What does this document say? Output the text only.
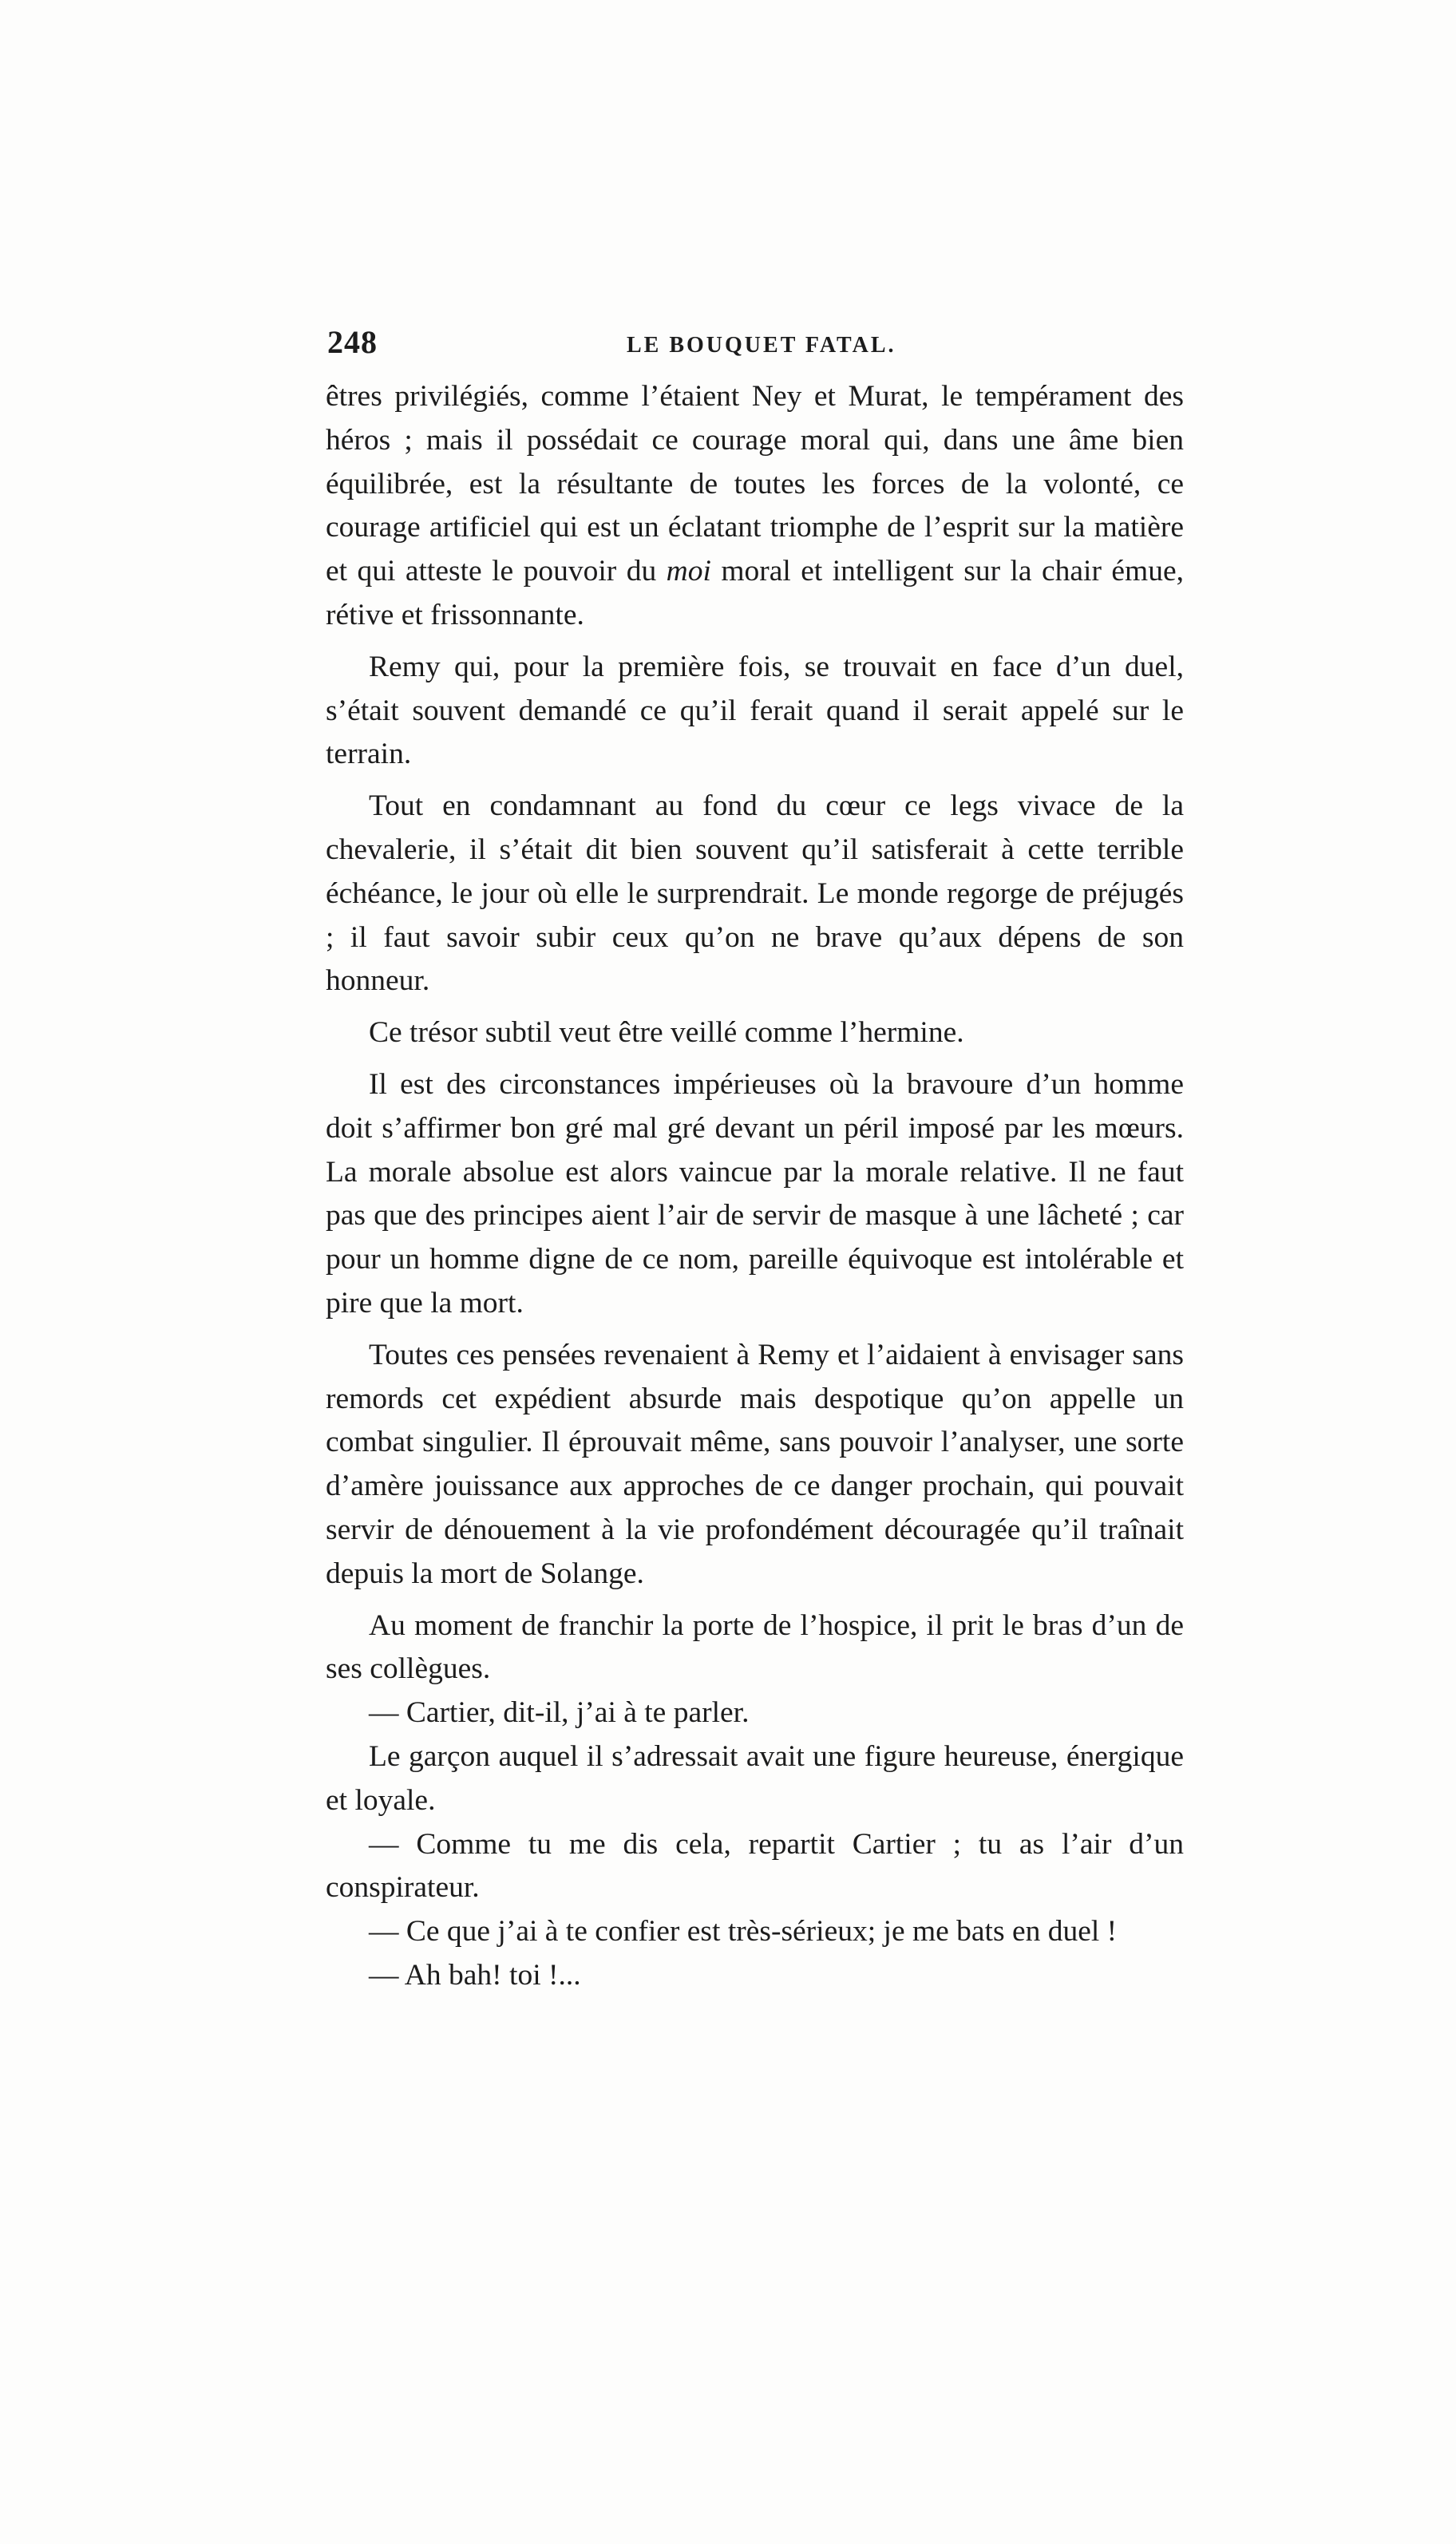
248	LE BOUQUET FATAL.

êtres privilégiés, comme l’étaient Ney et Murat, le tempérament des héros ; mais il possédait ce courage moral qui, dans une âme bien équilibrée, est la résultante de toutes les forces de la volonté, ce courage artificiel qui est un éclatant triomphe de l’esprit sur la matière et qui atteste le pouvoir du moi moral et intelligent sur la chair émue, rétive et frissonnante.

Remy qui, pour la première fois, se trouvait en face d’un duel, s’était souvent demandé ce qu’il ferait quand il serait appelé sur le terrain.

Tout en condamnant au fond du cœur ce legs vivace de la chevalerie, il s’était dit bien souvent qu’il satisferait à cette terrible échéance, le jour où elle le surprendrait. Le monde regorge de préjugés ; il faut savoir subir ceux qu’on ne brave qu’aux dépens de son honneur.

Ce trésor subtil veut être veillé comme l’hermine.

Il est des circonstances impérieuses où la bravoure d’un homme doit s’affirmer bon gré mal gré devant un péril imposé par les mœurs. La morale absolue est alors vaincue par la morale relative. Il ne faut pas que des principes aient l’air de servir de masque à une lâcheté ; car pour un homme digne de ce nom, pareille équivoque est intolérable et pire que la mort.

Toutes ces pensées revenaient à Remy et l’aidaient à envisager sans remords cet expédient absurde mais despotique qu’on appelle un combat singulier. Il éprouvait même, sans pouvoir l’analyser, une sorte d’amère jouissance aux approches de ce danger prochain, qui pouvait servir de dénouement à la vie profondément découragée qu’il traînait depuis la mort de Solange.

Au moment de franchir la porte de l’hospice, il prit le bras d’un de ses collègues.

— Cartier, dit-il, j’ai à te parler.

Le garçon auquel il s’adressait avait une figure heureuse, énergique et loyale.

— Comme tu me dis cela, repartit Cartier ; tu as l’air d’un conspirateur.

— Ce que j’ai à te confier est très-sérieux; je me bats en duel !

— Ah bah! toi !...
